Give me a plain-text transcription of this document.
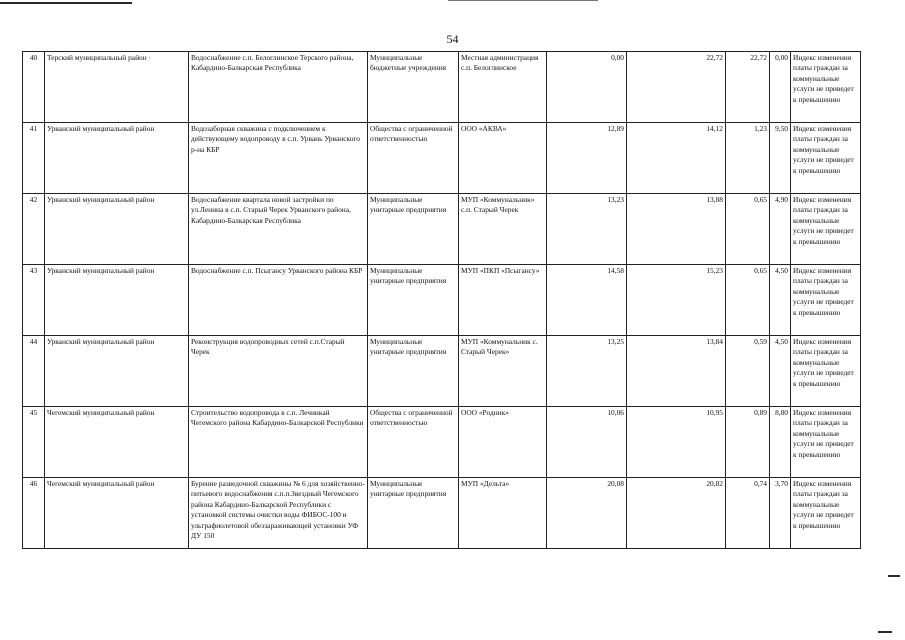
54
40	Терский муниципальный район ·	Водоснабжение с.п. Белоглинское Терского района, Кабардино-Балкарская Республика	Муниципальные бюджетные учреждения	Местная администрация с.п. Белоглинское	0,00	22,72	22,72	0,00	Индекс изменения платы граждан за коммунальные услуги не приведет к превышению
41	Урванский муниципальный район	Водозаборная скважина с подключением к действующему водопроводу в с.п. Урвань Урванского р-на КБР	Общества с ограниченной ответственностью	ООО «АКВА»	12,89	14,12	1,23	9,50	Индекс изменения платы граждан за коммунальные услуги не приведет к превышению
42	Урванский муниципальный район	Водоснабжение квартала новой застройки по ул.Ленина в с.п. Старый Черек Урванского района, Кабардино-Балкарская Республика	Муниципальные унитарные предприятия	МУП «Коммунальник» с.п. Старый Черек	13,23	13,88	0,65	4,90	Индекс изменения платы граждан за коммунальные услуги не приведет к превышению
43	Урванский муниципальный район	Водоснабжение с.п. Псыгансу Урванского района КБР	Муниципальные унитарные предприятия	МУП «ПКП «Псыгансу»	14,58	15,23	0,65	4,50	Индекс изменения платы граждан за коммунальные услуги не приведет к превышению
44	Урванский муниципальный район	Реконструкция водопроводных сетей с.п.Старый Черек	Муниципальные унитарные предприятия	МУП «Коммунальник с. Старый Черек»	13,25	13,84	0,59	4,50	Индекс изменения платы граждан за коммунальные услуги не приведет к превышению
45	Чегемский муниципальный район	Строительство водопровода в с.п. Лечинкай Чегемского района Кабардино-Балкарской Республики	Общества с ограниченной ответственностью	ООО «Родник»	10,06	10,95	0,89	8,80	Индекс изменения платы граждан за коммунальные услуги не приведет к превышению
46	Чегемский муниципальный район	Бурение разведочной скважины № 6 для хозяйственно-питьевого водоснабжения с.п.п.Звездный Чегемского района Кабардино-Балкарской Республики с установкой системы очистки воды ФИБОС-100 и ультрафиолетовой обеззараживающей установки УФ ДУ 150	Муниципальные унитарные предприятия	МУП «Дельта»	20,08	20,82	0,74	3,70	Индекс изменения платы граждан за коммунальные услуги не приведет к превышению
